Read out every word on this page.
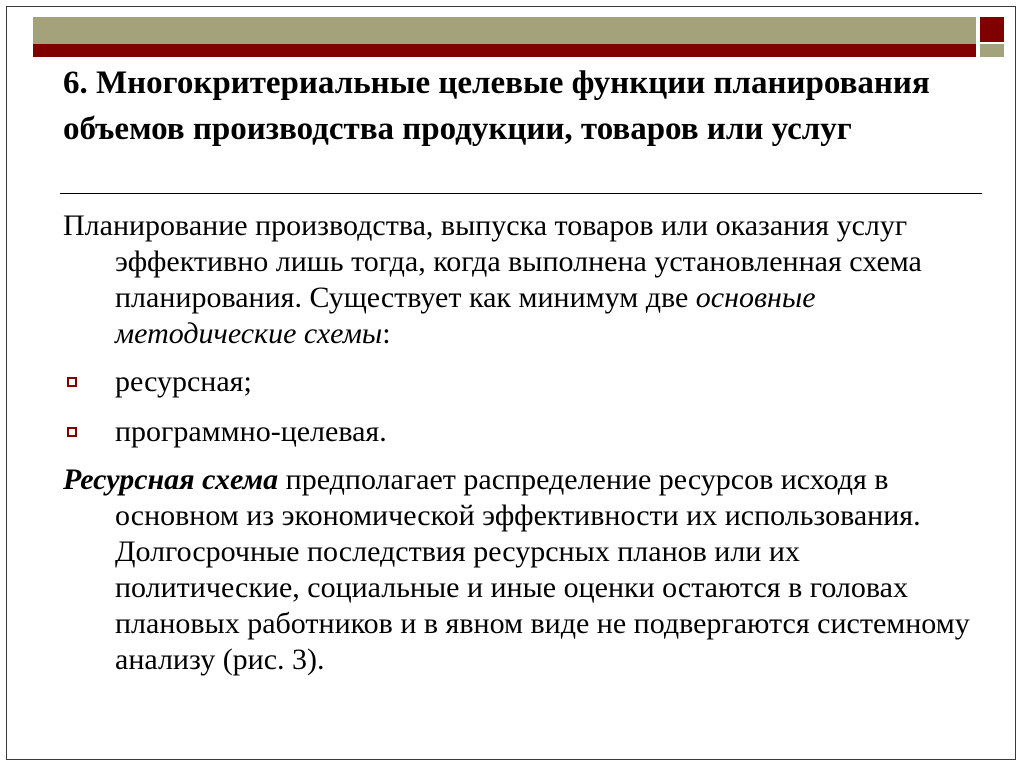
6. Многокритериальные целевые функции планирования объемов производства продукции, товаров или услуг

Планирование производства, выпуска товаров или оказания услуг эффективно лишь тогда, когда выполнена установленная схема планирования. Существует как минимум две основные методические схемы:

ресурсная;

программно-целевая.

Ресурсная схема предполагает распределение ресурсов исходя в основном из экономической эффективности их использования. Долгосрочные последствия ресурсных планов или их политические, социальные и иные оценки остаются в головах плановых работников и в явном виде не подвергаются системному анализу (рис. 3).
